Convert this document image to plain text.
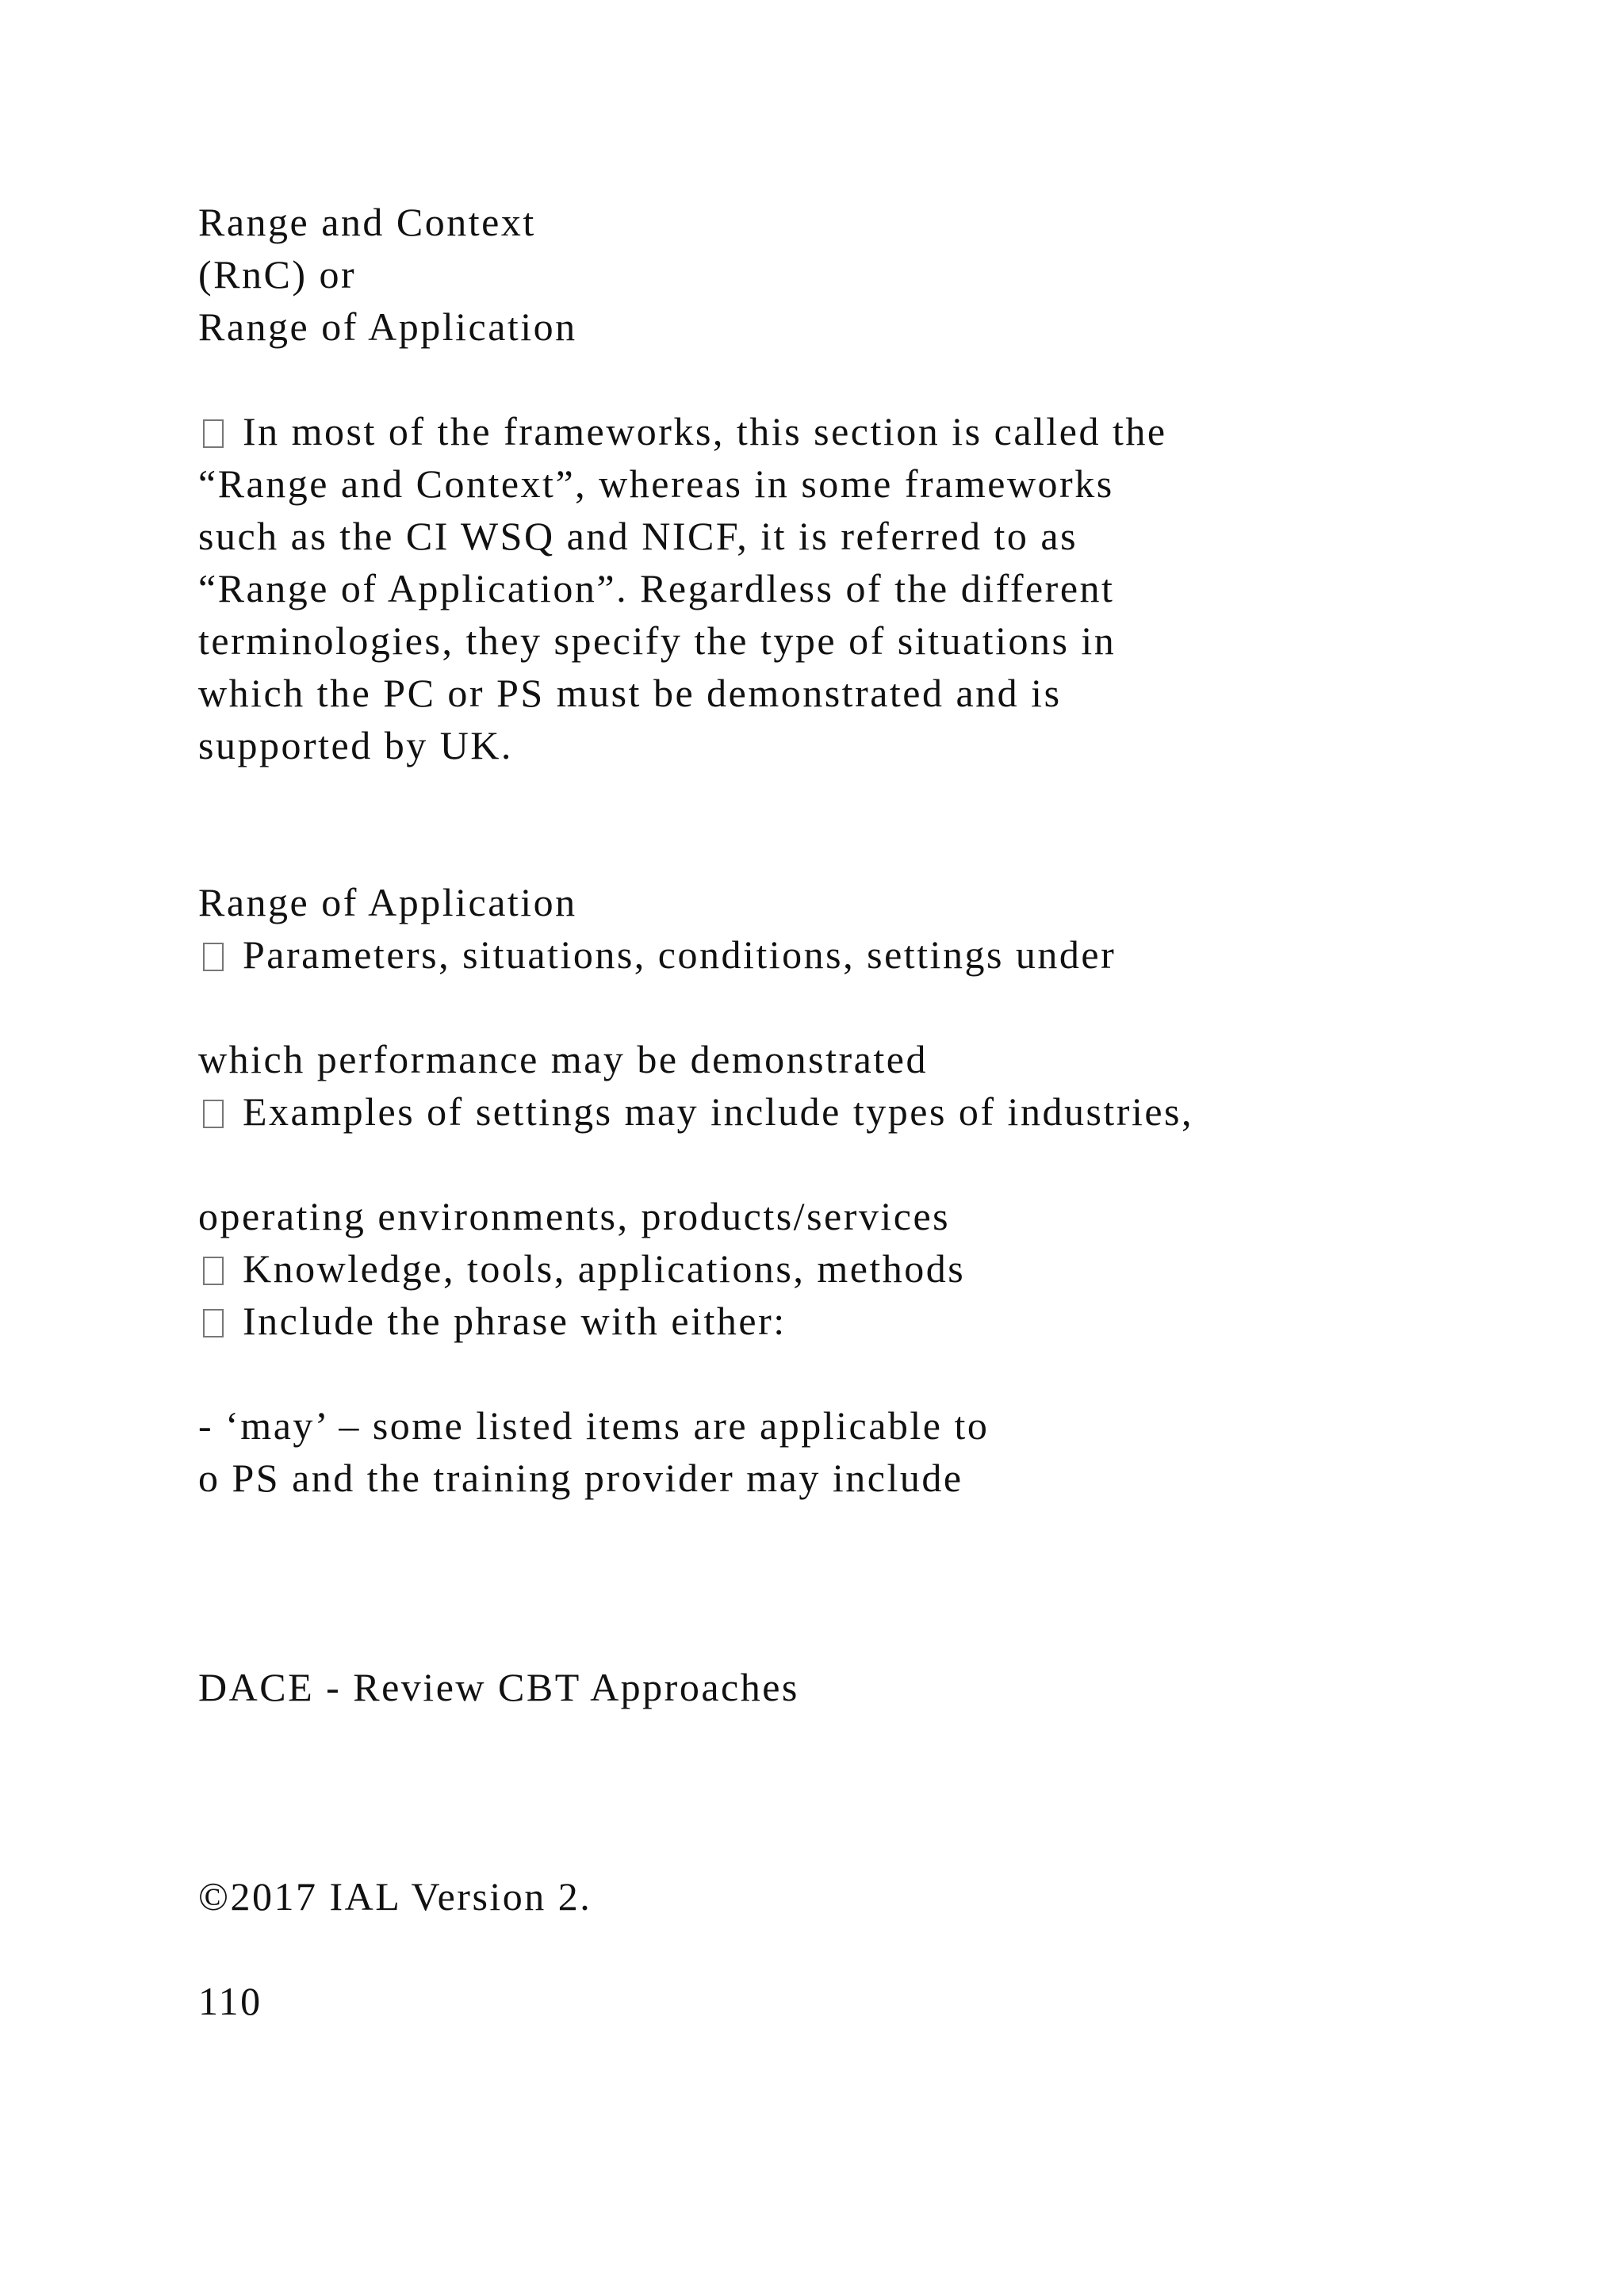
Range and Context
(RnC) or
Range of Application
In most of the frameworks, this section is called the
“Range and Context”, whereas in some frameworks
such as the CI WSQ and NICF, it is referred to as
“Range of Application”. Regardless of the different
terminologies, they specify the type of situations in
which the PC or PS must be demonstrated and is
supported by UK.
Range of Application
Parameters, situations, conditions, settings under
which performance may be demonstrated
Examples of settings may include types of industries,
operating environments, products/services
Knowledge, tools, applications, methods
Include the phrase with either:
- ‘may’ – some listed items are applicable to
o PS and the training provider may include
DACE - Review CBT Approaches
©2017 IAL Version 2.
110
